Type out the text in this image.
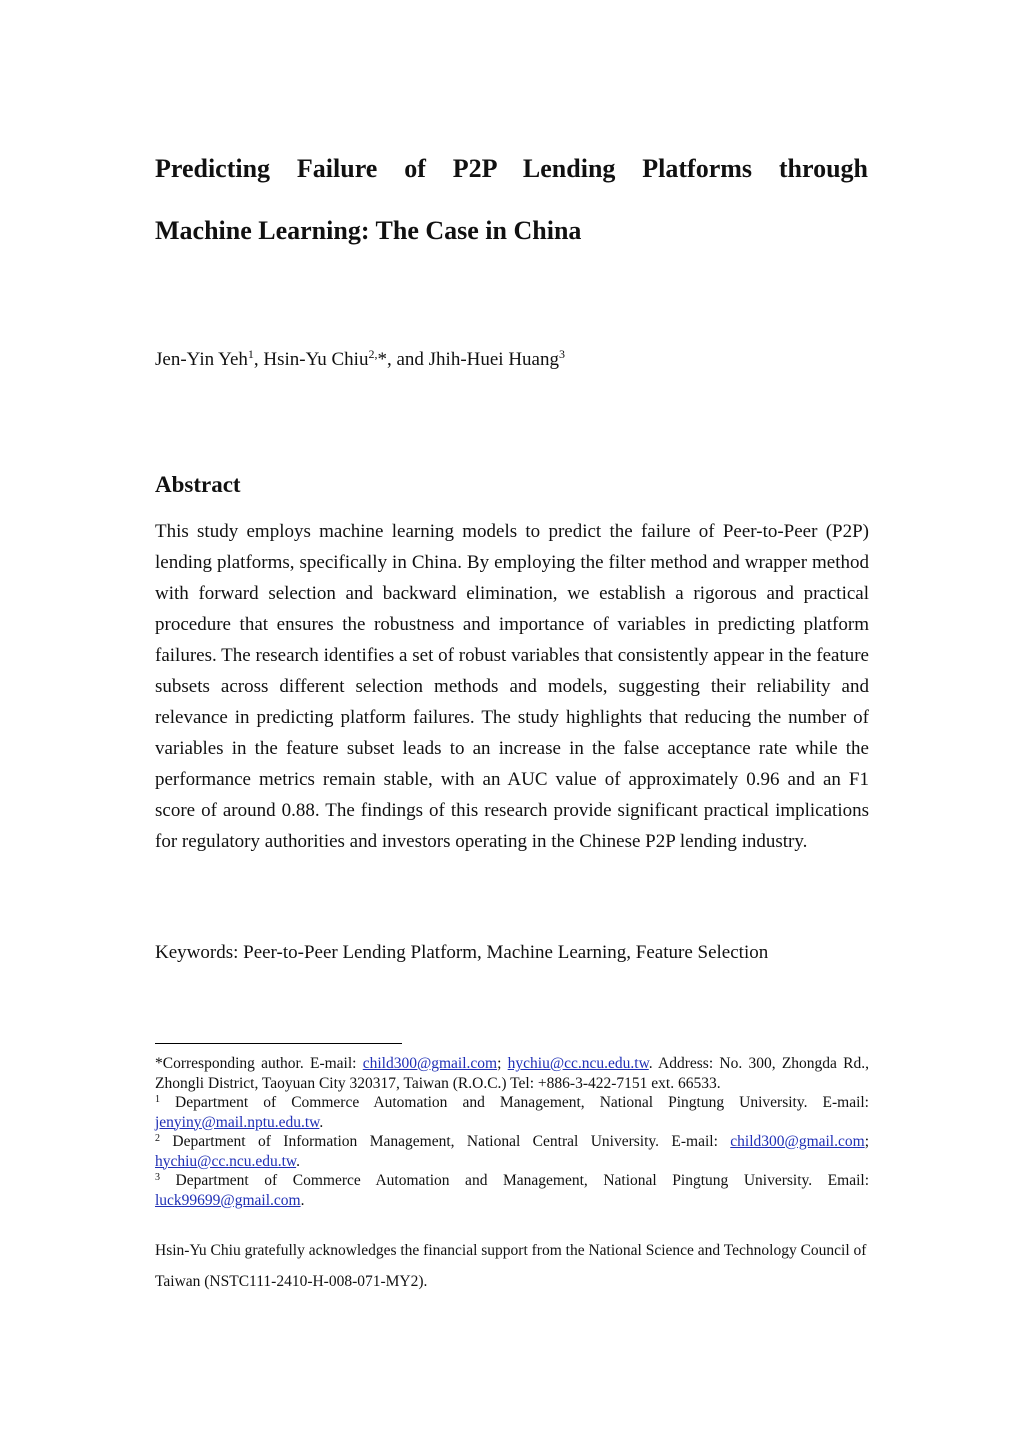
Predicting Failure of P2P Lending Platforms through
Machine Learning: The Case in China
Jen-Yin Yeh$^1$, Hsin-Yu Chiu$^{2,}$*, and Jhih-Huei Huang$^3$
Abstract

This study employs machine learning models to predict the failure of Peer-to-Peer (P2P) lending platforms, specifically in China. By employing the filter method and wrapper method with forward selection and backward elimination, we establish a rigorous and practical procedure that ensures the robustness and importance of variables in predicting platform failures. The research identifies a set of robust variables that consistently appear in the feature subsets across different selection methods and models, suggesting their reliability and relevance in predicting platform failures. The study highlights that reducing the number of variables in the feature subset leads to an increase in the false acceptance rate while the performance metrics remain stable, with an AUC value of approximately 0.96 and an F1 score of around 0.88. The findings of this research provide significant practical implications for regulatory authorities and investors operating in the Chinese P2P lending industry.

Keywords: Peer-to-Peer Lending Platform, Machine Learning, Feature Selection

*Corresponding author. E-mail: child300@gmail.com; hychiu@cc.ncu.edu.tw. Address: No. 300, Zhongda Rd., Zhongli District, Taoyuan City 320317, Taiwan (R.O.C.) Tel: +886-3-422-7151 ext. 66533.

$^1$ Department of Commerce Automation and Management, National Pingtung University. E-mail: jenyiny@mail.nptu.edu.tw.

$^2$ Department of Information Management, National Central University. E-mail: child300@gmail.com; hychiu@cc.ncu.edu.tw.

$^3$ Department of Commerce Automation and Management, National Pingtung University. Email: luck99699@gmail.com.

Hsin-Yu Chiu gratefully acknowledges the financial support from the National Science and Technology Council of Taiwan (NSTC111-2410-H-008-071-MY2).
